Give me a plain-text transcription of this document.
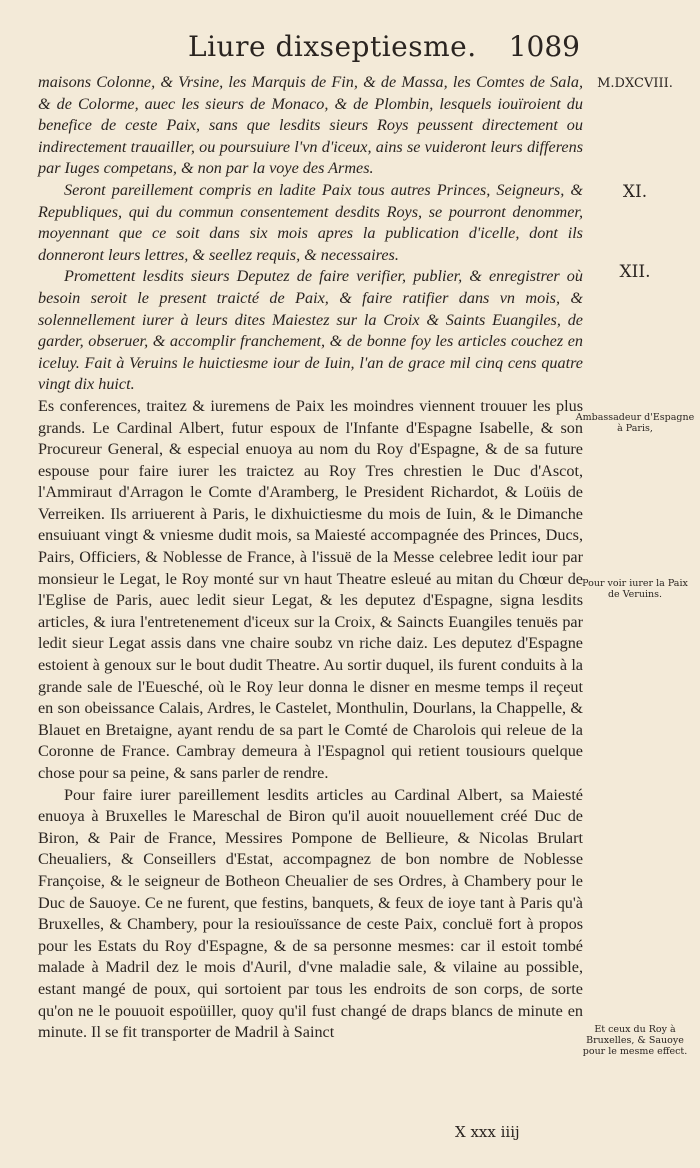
Liure dixseptiesme. 1089

maisons Colonne, & Vrsine, les Marquis de Fin, & de Massa, les Comtes de Sala, & de Colorme, auec les sieurs de Monaco, & de Plombin, lesquels iouïroient du benefice de ceste Paix, sans que lesdits sieurs Roys peussent directement ou indirectement trauailler, ou poursuiure l'vn d'iceux, ains se vuideront leurs differens par Iuges competans, & non par la voye des Armes.

Seront pareillement compris en ladite Paix tous autres Princes, Seigneurs, & Republiques, qui du commun consentement desdits Roys, se pourront denommer, moyennant que ce soit dans six mois apres la publication d'icelle, dont ils donneront leurs lettres, & seellez requis, & necessaires.

Promettent lesdits sieurs Deputez de faire verifier, publier, & enregistrer où besoin seroit le present traicté de Paix, & faire ratifier dans vn mois, & solennellement iurer à leurs dites Maiestez sur la Croix & Saints Euangiles, de garder, obseruer, & accomplir franchement, & de bonne foy les articles couchez en iceluy. Fait à Veruins le huictiesme iour de Iuin, l'an de grace mil cinq cens quatre vingt dix huict.

Es conferences, traitez & iuremens de Paix les moindres viennent trouuer les plus grands. Le Cardinal Albert, futur espoux de l'Infante d'Espagne Isabelle, & son Procureur General, & especial enuoya au nom du Roy d'Espagne, & de sa future espouse pour faire iurer les traictez au Roy Tres chrestien le Duc d'Ascot, l'Ammiraut d'Arragon le Comte d'Aramberg, le President Richardot, & Loüis de Verreiken. Ils arriuerent à Paris, le dixhuictiesme du mois de Iuin, & le Dimanche ensuiuant vingt & vniesme dudit mois, sa Maiesté accompagnée des Princes, Ducs, Pairs, Officiers, & Noblesse de France, à l'issuë de la Messe celebree ledit iour par monsieur le Legat, le Roy monté sur vn haut Theatre esleué au mitan du Chœur de l'Eglise de Paris, auec ledit sieur Legat, & les deputez d'Espagne, signa lesdits articles, & iura l'entretenement d'iceux sur la Croix, & Saincts Euangiles tenuës par ledit sieur Legat assis dans vne chaire soubz vn riche daiz. Les deputez d'Espagne estoient à genoux sur le bout dudit Theatre. Au sortir duquel, ils furent conduits à la grande sale de l'Euesché, où le Roy leur donna le disner en mesme temps il reçeut en son obeissance Calais, Ardres, le Castelet, Monthulin, Dourlans, la Chappelle, & Blauet en Bretaigne, ayant rendu de sa part le Comté de Charolois qui releue de la Coronne de France. Cambray demeura à l'Espagnol qui retient tousiours quelque chose pour sa peine, & sans parler de rendre.

Pour faire iurer pareillement lesdits articles au Cardinal Albert, sa Maiesté enuoya à Bruxelles le Mareschal de Biron qu'il auoit nouuellement créé Duc de Biron, & Pair de France, Messires Pompone de Bellieure, & Nicolas Brulart Cheualiers, & Conseillers d'Estat, accompagnez de bon nombre de Noblesse Françoise, & le seigneur de Botheon Cheualier de ses Ordres, à Chambery pour le Duc de Sauoye. Ce ne furent, que festins, banquets, & feux de ioye tant à Paris qu'à Bruxelles, & Chambery, pour la resiouïssance de ceste Paix, concluë fort à propos pour les Estats du Roy d'Espagne, & de sa personne mesmes: car il estoit tombé malade à Madril dez le mois d'Auril, d'vne maladie sale, & vilaine au possible, estant mangé de poux, qui sortoient par tous les endroits de son corps, de sorte qu'on ne le pouuoit espoüiller, quoy qu'il fust changé de draps blancs de minute en minute. Il se fit transporter de Madril à Sainct

M.DXCVIII.
XI.
XII.
Ambassadeur d'Espagne à Paris,
Pour voir iurer la Paix de Veruins.
Et ceux du Roy à Bruxelles, & Sauoye pour le mesme effect.
X xxx iiij
